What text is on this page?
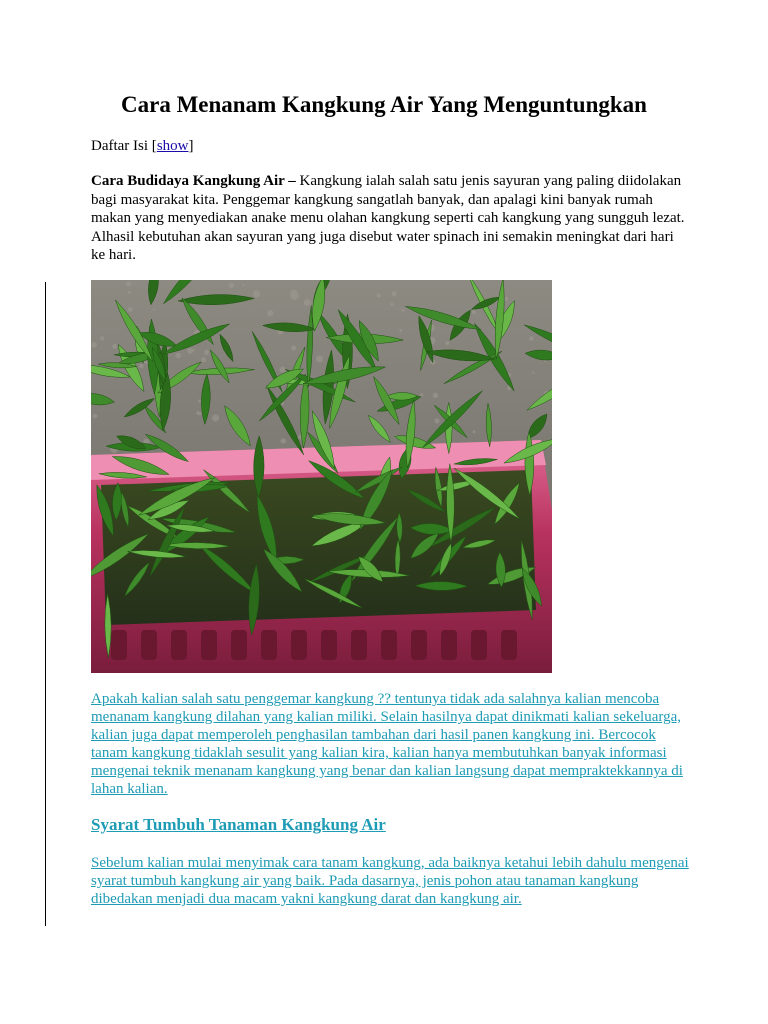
Cara Menanam Kangkung Air Yang Menguntungkan
Daftar Isi [show]

Cara Budidaya Kangkung Air – Kangkung ialah salah satu jenis sayuran yang paling diidolakan bagi masyarakat kita. Penggemar kangkung sangatlah banyak, dan apalagi kini banyak rumah makan yang menyediakan anake menu olahan kangkung seperti cah kangkung yang sungguh lezat. Alhasil kebutuhan akan sayuran yang juga disebut water spinach ini semakin meningkat dari hari ke hari.

Apakah kalian salah satu penggemar kangkung ?? tentunya tidak ada salahnya kalian mencoba menanam kangkung dilahan yang kalian miliki. Selain hasilnya dapat dinikmati kalian sekeluarga, kalian juga dapat memperoleh penghasilan tambahan dari hasil panen kangkung ini. Bercocok tanam kangkung tidaklah sesulit yang kalian kira, kalian hanya membutuhkan banyak informasi mengenai teknik menanam kangkung yang benar dan kalian langsung dapat mempraktekkannya di lahan kalian.

Syarat Tumbuh Tanaman Kangkung Air

Sebelum kalian mulai menyimak cara tanam kangkung, ada baiknya ketahui lebih dahulu mengenai syarat tumbuh kangkung air yang baik. Pada dasarnya, jenis pohon atau tanaman kangkung dibedakan menjadi dua macam yakni kangkung darat dan kangkung air.
